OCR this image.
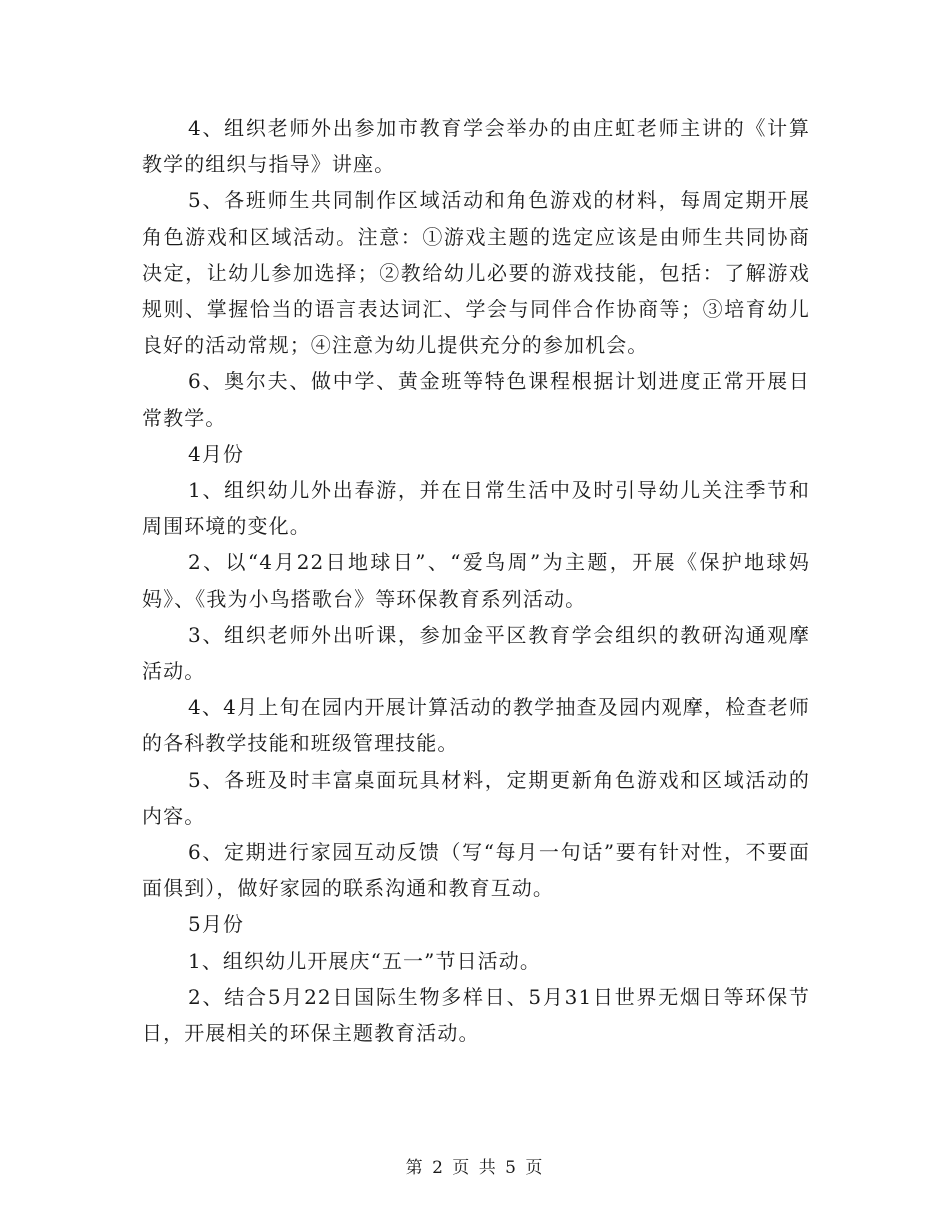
4、组织老师外出参加市教育学会举办的由庄虹老师主讲的《计算教学的组织与指导》讲座。

5、各班师生共同制作区域活动和角色游戏的材料，每周定期开展角色游戏和区域活动。注意：①游戏主题的选定应该是由师生共同协商决定，让幼儿参加选择；②教给幼儿必要的游戏技能，包括：了解游戏规则、掌握恰当的语言表达词汇、学会与同伴合作协商等；③培育幼儿良好的活动常规；④注意为幼儿提供充分的参加机会。

6、奥尔夫、做中学、黄金班等特色课程根据计划进度正常开展日常教学。

4月份

1、组织幼儿外出春游，并在日常生活中及时引导幼儿关注季节和周围环境的变化。

2、以“4月22日地球日”、“爱鸟周”为主题，开展《保护地球妈妈》、《我为小鸟搭歌台》等环保教育系列活动。

3、组织老师外出听课，参加金平区教育学会组织的教研沟通观摩活动。

4、4月上旬在园内开展计算活动的教学抽查及园内观摩，检查老师的各科教学技能和班级管理技能。

5、各班及时丰富桌面玩具材料，定期更新角色游戏和区域活动的内容。

6、定期进行家园互动反馈（写“每月一句话”要有针对性，不要面面俱到），做好家园的联系沟通和教育互动。

5月份

1、组织幼儿开展庆“五一”节日活动。

2、结合5月22日国际生物多样日、5月31日世界无烟日等环保节日，开展相关的环保主题教育活动。

第 2 页 共 5 页
